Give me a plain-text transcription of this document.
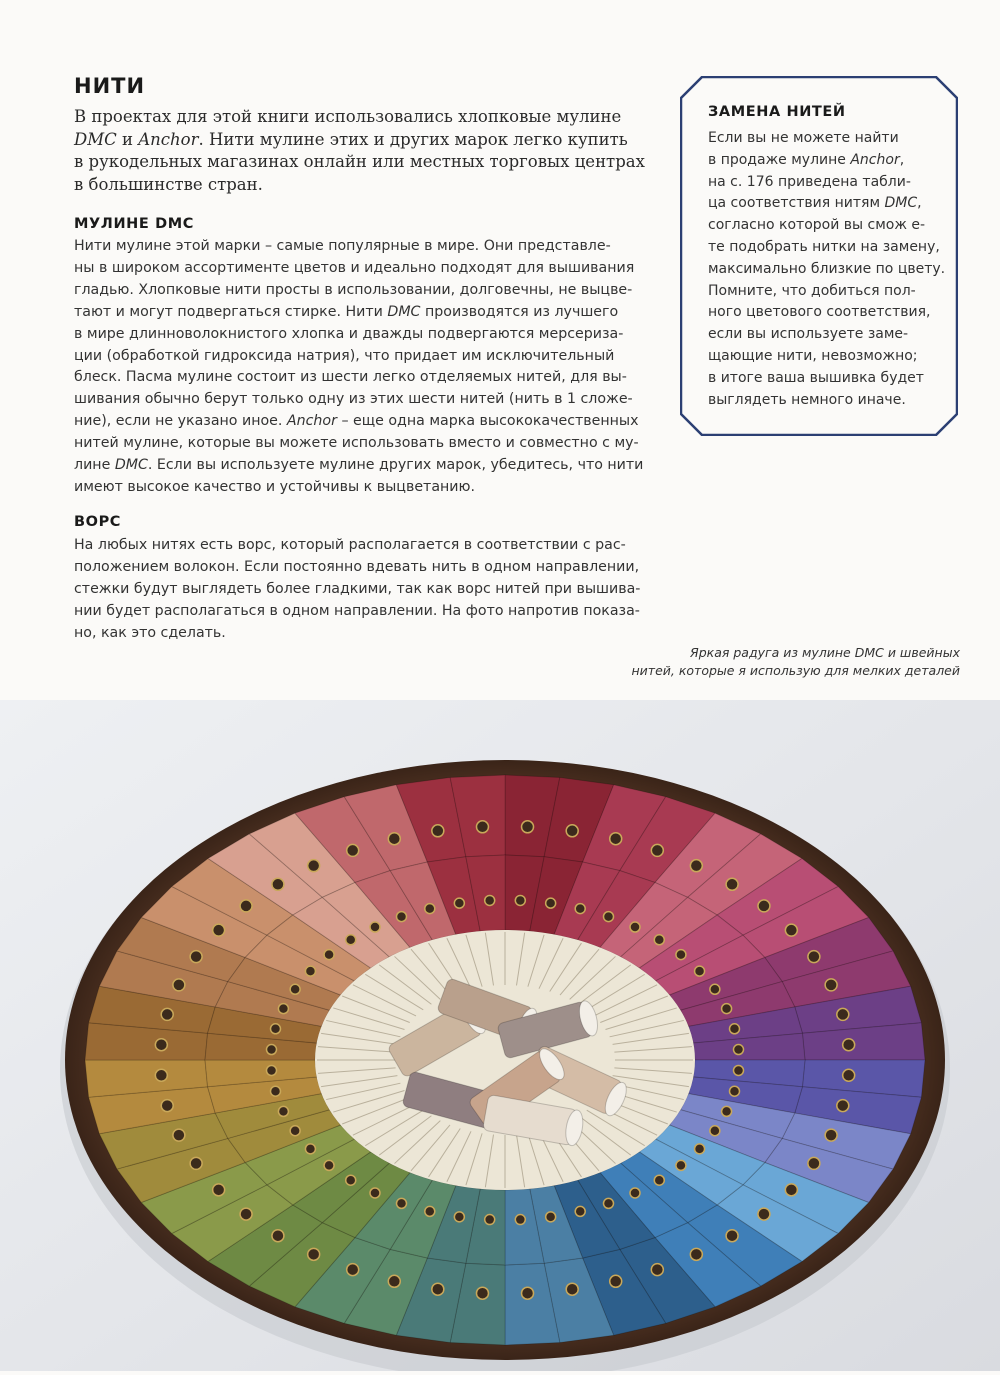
НИТИ
В проектах для этой книги использовались хлопковые мулине
DMC и Anchor. Нити мулине этих и других марок легко купить
в рукодельных магазинах онлайн или местных торговых центрах
в большинстве стран.
МУЛИНЕ DMC
Нити мулине этой марки – самые популярные в мире. Они представле-
ны в широком ассортименте цветов и идеально подходят для вышивания
гладью. Хлопковые нити просты в использовании, долговечны, не выцве-
тают и могут подвергаться стирке. Нити DMC производятся из лучшего
в мире длинноволокнистого хлопка и дважды подвергаются мерсериза-
ции (обработкой гидроксида натрия), что придает им исключительный
блеск. Пасма мулине состоит из шести легко отделяемых нитей, для вы-
шивания обычно берут только одну из этих шести нитей (нить в 1 сложе-
ние), если не указано иное. Anchor – еще одна марка высококачественных
нитей мулине, которые вы можете использовать вместо и совместно с му-
лине DMC. Если вы используете мулине других марок, убедитесь, что нити
имеют высокое качество и устойчивы к выцветанию.
ВОРС
На любых нитях есть ворс, который располагается в соответствии с рас-
положением волокон. Если постоянно вдевать нить в одном направлении,
стежки будут выглядеть более гладкими, так как ворс нитей при вышива-
нии будет располагаться в одном направлении. На фото напротив показа-
но, как это сделать.
ЗАМЕНА НИТЕЙ
Если вы не можете найти
в продаже мулине Anchor,
на с. 176 приведена табли-
ца соответствия нитям DMC,
согласно которой вы смож е-
те подобрать нитки на замену,
максимально близкие по цвету.
Помните, что добиться пол-
ного цветового соответствия,
если вы используете заме-
щающие нити, невозможно;
в итоге ваша вышивка будет
выглядеть немного иначе.
Яркая радуга из мулине DMC и швейных
нитей, которые я использую для мелких деталей
